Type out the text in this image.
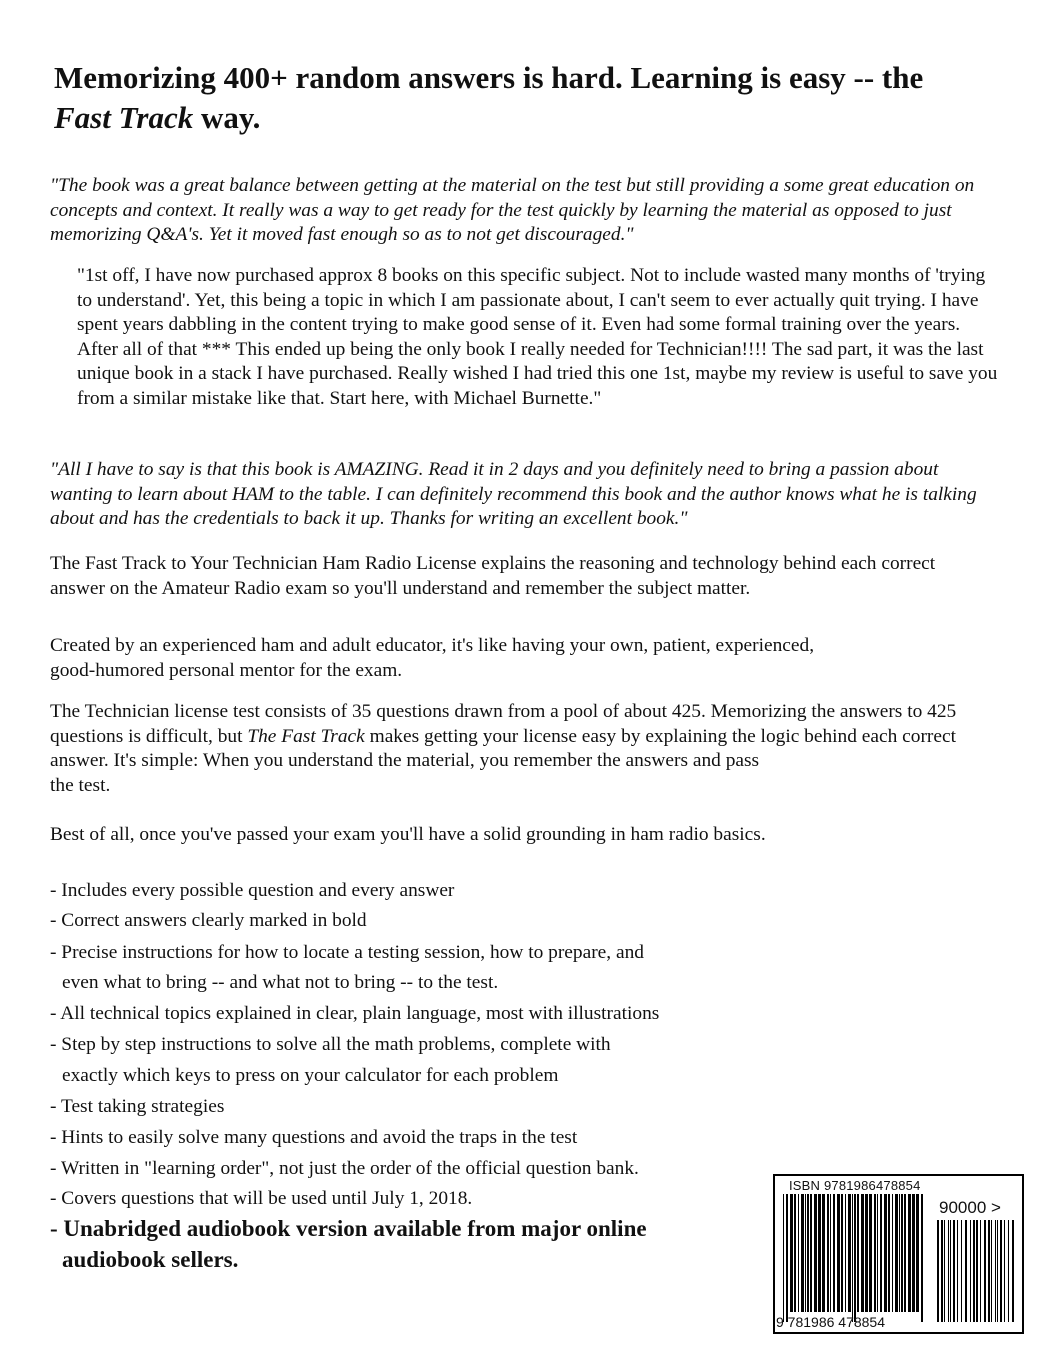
Memorizing 400+ random answers is hard. Learning is easy -- the
Fast Track way.

"The book was a great balance between getting at the material on the test but still providing a some great education on concepts and context. It really was a way to get ready for the test quickly by learning the material as opposed to just memorizing Q&A's. Yet it moved fast enough so as to not get discouraged."

"1st off, I have now purchased approx 8 books on this specific subject. Not to include wasted many months of 'trying to understand'. Yet, this being a topic in which I am passionate about, I can't seem to ever actually quit trying. I have spent years dabbling in the content trying to make good sense of it. Even had some formal training over the years. After all of that *** This ended up being the only book I really needed for Technician!!!! The sad part, it was the last unique book in a stack I have purchased. Really wished I had tried this one 1st, maybe my review is useful to save you from a similar mistake like that. Start here, with Michael Burnette."

"All I have to say is that this book is AMAZING. Read it in 2 days and you definitely need to bring a passion about wanting to learn about HAM to the table. I can definitely recommend this book and the author knows what he is talking about and has the credentials to back it up. Thanks for writing an excellent book."

The Fast Track to Your Technician Ham Radio License explains the reasoning and technology behind each correct answer on the Amateur Radio exam so you'll understand and remember the subject matter.

Created by an experienced ham and adult educator, it's like having your own, patient, experienced,
good-humored personal mentor for the exam.

The Technician license test consists of 35 questions drawn from a pool of about 425. Memorizing the answers to 425 questions is difficult, but The Fast Track makes getting your license easy by explaining the logic behind each correct answer. It's simple: When you understand the material, you remember the answers and pass
the test.

Best of all, once you've passed your exam you'll have a solid grounding in ham radio basics.

- Includes every possible question and every answer

- Correct answers clearly marked in bold

- Precise instructions for how to locate a testing session, how to prepare, and

even what to bring -- and what not to bring -- to the test.

- All technical topics explained in clear, plain language, most with illustrations

- Step by step instructions to solve all the math problems, complete with

exactly which keys to press on your calculator for each problem

- Test taking strategies

- Hints to easily solve many questions and avoid the traps in the test

- Written in "learning order", not just the order of the official question bank.

- Covers questions that will be used until July 1, 2018.

- Unabridged audiobook version available from major online

audiobook sellers.

ISBN 9781986478854
90000 >
9 781986 478854
